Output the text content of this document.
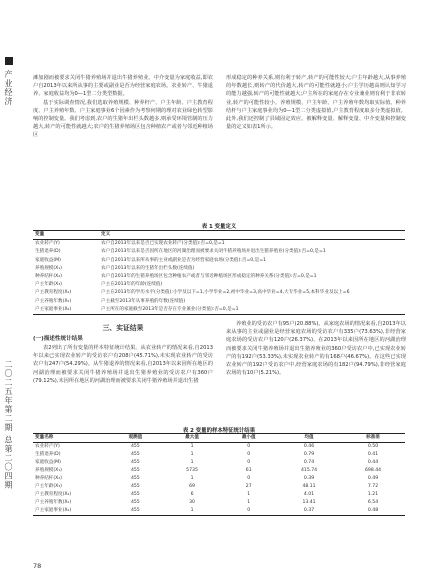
产业经济
二〇二五年第二期 总第二〇四期

滩加剧而被要求关闭牛猪养殖场并退出牛猪养殖业。中介变量为家庭收益,即农户自2013年以来所从事的主要或副业是否为经营家庭农场。农业转产、牛猪退养、家庭收益均为0—1型二分类型数据。

基于实际调查情况,我们选取养殖规模、种养杆产、户主年龄、户主教育程度、户主养殖年数、户主家庭事业6个因素作为考察何期的理对农业绿色转型影响的控制变量。我们考虑到,农户的生猪年出栏头数越多,则承受环境管制的压力越大,转产的可能性就越大;农户的生猪养殖场区包含种植农产或者与邻近种植场区

形成稳定的种养关系,则有利于转产,转产的可能性较大;户主年龄越大,从事养殖的年数越长,则转产的代价越大,转产的可能性就越小;户主学历越高则认知学习的能力越强,转产的可能性就越大;户主所在的家庭存在专业兼业则有利于非农转业,转产的可能性较小。养殖规模、户主年龄、户主养殖年数均取实际值。种养结杆与户主家庭事业均为0—1型二分类虚拟值,户主教育程度取多分类虚拟值。此外,我们还控制了县域固定效应。被解释变量、解释变量、中介变量和控制变量的定义如表1所示。

表 1 变量定义
变量	定义
农业转产(Y)	农户自2013年以来是否已实现农业转产(分类值):否=0,是=1
生猪退养(D)	农户自2013年以来是否因所在地区的河湖治理而被要求关闭牛猪养殖场并退出生猪养殖业(分类值):否=0,是=1
家庭收益(M)	农户自2013年以来所从事的主业或副业是否为经营家庭农场(分类值):否=0,是=1
养殖规模(X₁)	农户自2013年以来的生猪年出栏头数(连续值)
种养结杆(X₂)	农户自2013年的生猪养殖场区包含种植农产或者与邻近种植场区形成稳定的种养关系(分类值):否=0,是=1
户主年龄(X₃)	户主在2013年的年龄(连续值)
户主教育程度(X₄)	户主在2013年的学历水平(分类值):小学及以下=1,小学毕业=2,初中毕业=3,高中毕业=4,大专毕业=5,本科毕业及以上=6
户主养殖年数(X₅)	户主截至2013年从事养殖的年数(连续值)
户主家庭事业(X₆)	户主所在的家庭截至2013年是否存在专业兼业(分类值):否=0,是=1
三、实证结果
(一)描述性统计结果

表2列出了所有变量的样本特征统计结果。从农业转产的情况来看,自2013年以来已实现农业转产的受访农户有208户(45.71%),未实现农业转产的受访农户有247户(54.29%)。从牛猪退养的情况来看,自2013年以来因所在地区的河湖治理而被要求关闭牛猪养殖场并退出生猪养殖业的受访农户有360户(79.12%),未因所在地区的河湖治理而被要求关闭牛猪养殖场并退出生猪

养殖业的受访农户有95户(20.88%)。从家庭农场的情况来看,自2013年以来从事的主业或副业是经营家庭农场的受访农户有335户(73.63%),非经营家庭农场的受访农户有120户(26.37%)。在2013年以来因所在地区的河湖治理而被要求关闭牛猪养殖场并退出生猪养殖业的360户受访农户中,已实现农业转产的有192户(53.33%),未实现农业转产的有168户(46.67%)。在这些已实现农业转产的192户受访农户中,经营家庭农场的有182户(94.79%),非经营家庭农场的有10户(5.21%)。

表 2 变量的样本特征统计结果
变量名称	观测值	最大值	最小值	均值	标准差
农业转产(Y)	455	1	0	0.46	0.50
生猪退养(D)	455	1	0	0.79	0.41
家庭收益(M)	455	1	0	0.74	0.44
养殖规模(X₁)	455	5735	61	415.74	698.44
种养结杆(X₂)	455	1	0	0.39	0.49
户主年龄(X₃)	455	69	27	48.11	7.72
户主教育程度(X₄)	455	6	1	4.01	1.21
户主养殖年数(X₅)	455	30	1	13.41	6.54
户主家庭事业(X₆)	455	1	0	0.37	0.48
78
